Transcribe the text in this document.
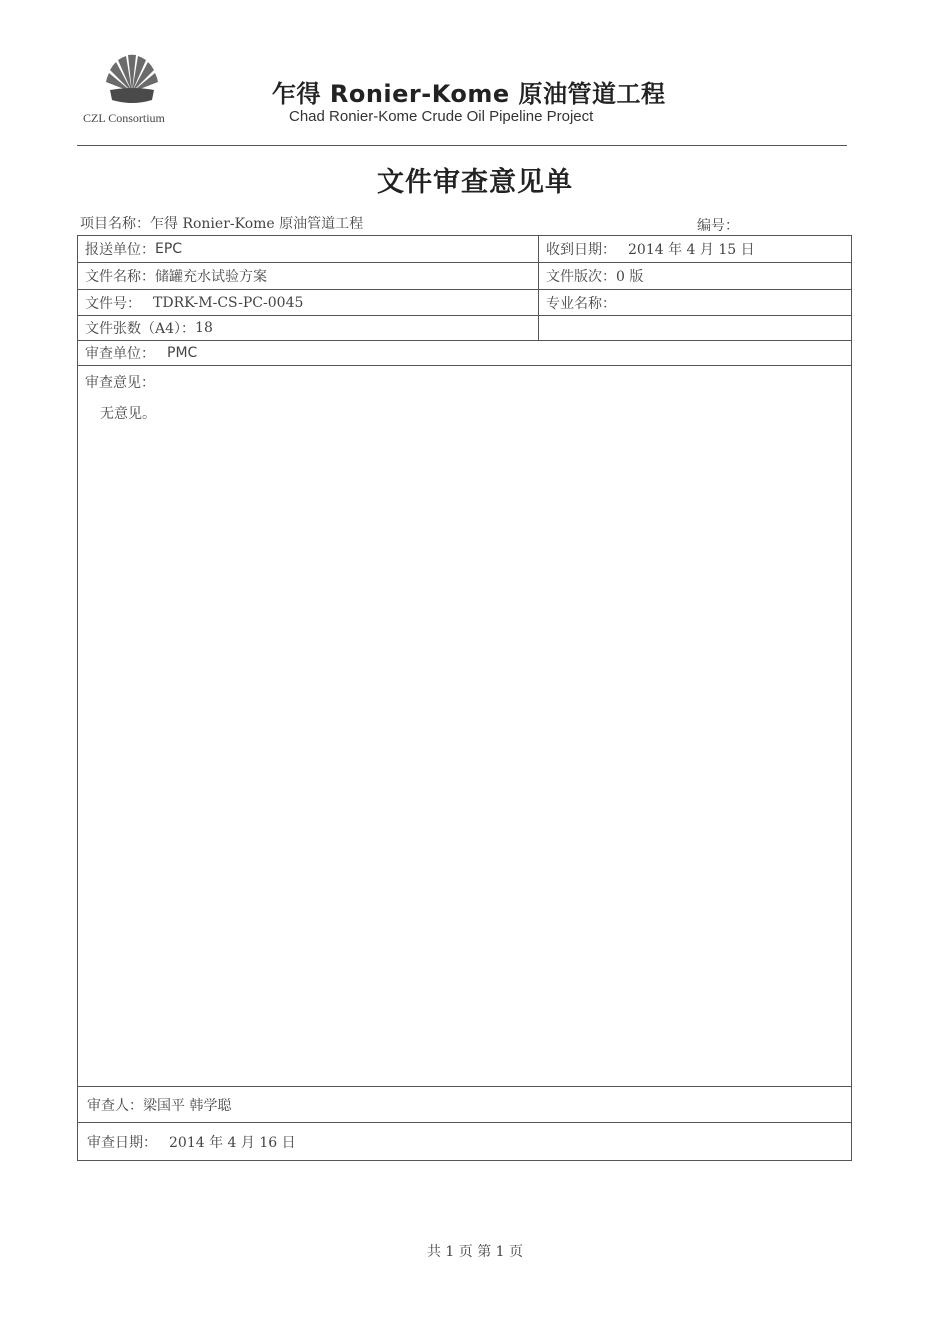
CZL Consortium
乍得 Ronier-Kome 原油管道工程
Chad Ronier-Kome Crude Oil Pipeline Project
文件审查意见单
项目名称：乍得 Ronier-Kome 原油管道工程	编号：
报送单位： EPC	收到日期： 2014 年 4 月 15 日
文件名称： 储罐充水试验方案	文件版次： 0 版
文件号： TDRK-M-CS-PC-0045	专业名称：
文件张数（A4）： 18
审查单位： PMC
审查意见：
无意见。
审查人： 梁国平 韩学聪
审查日期： 2014 年 4 月 16 日
共 1 页 第 1 页
